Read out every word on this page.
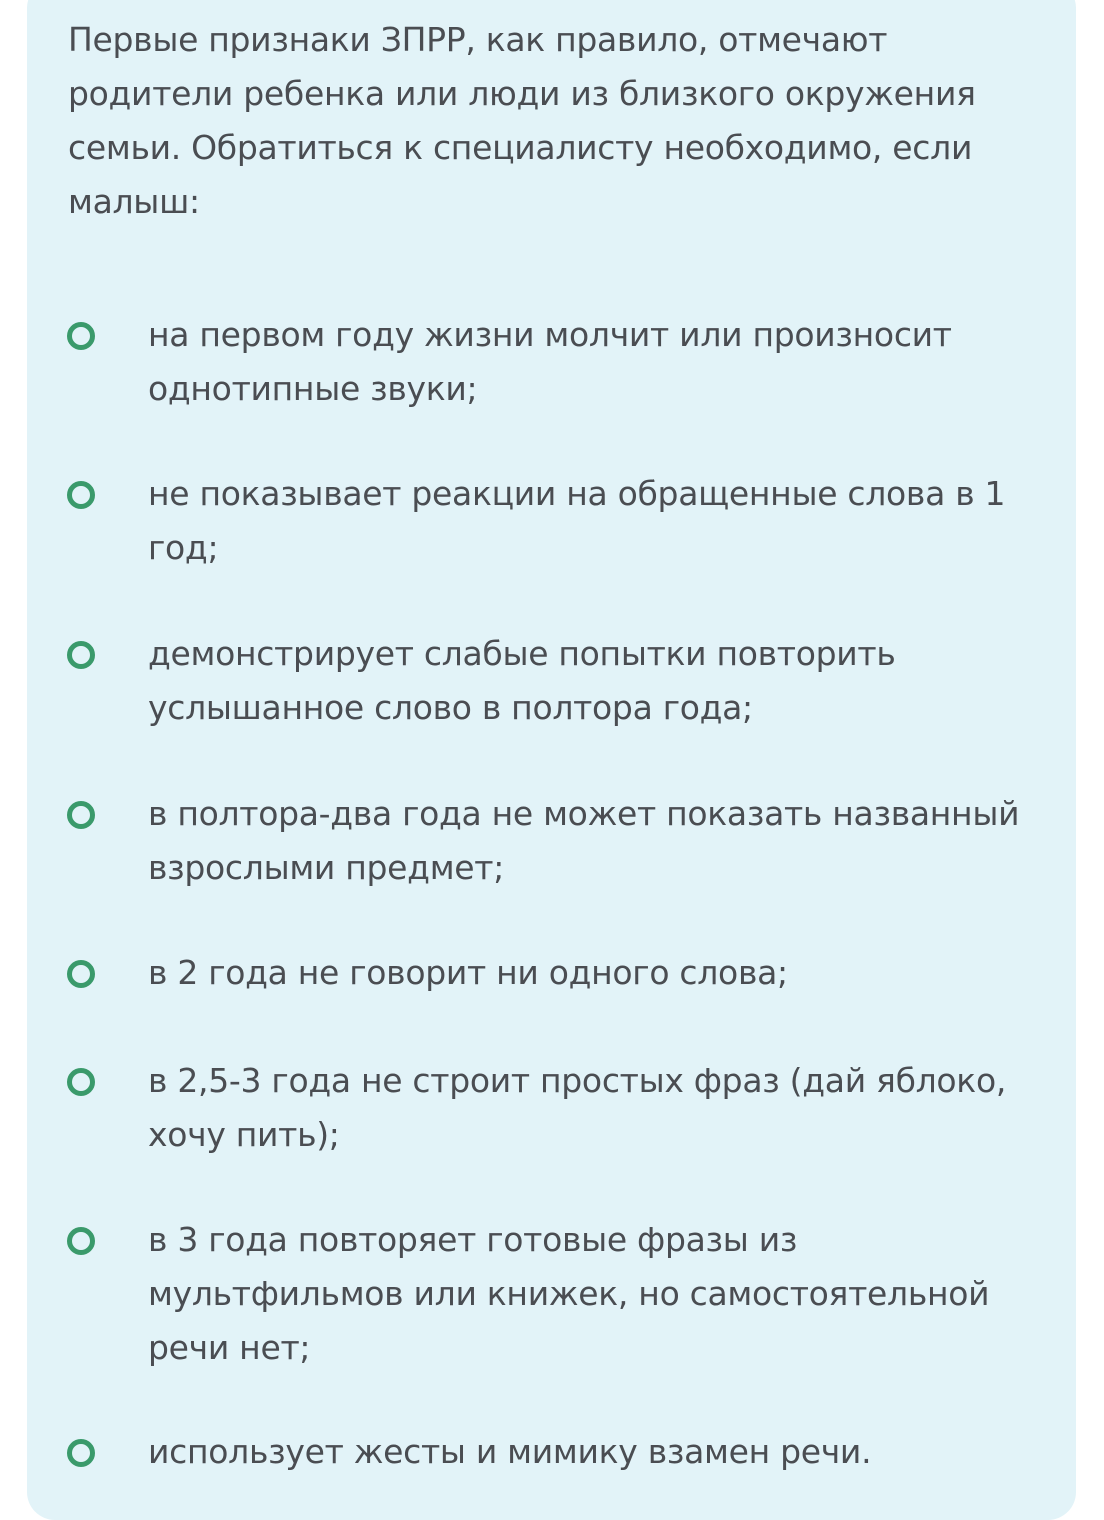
Первые признаки ЗПРР, как правило, отмечают родители ребенка или люди из близкого окружения семьи. Обратиться к специалисту необходимо, если малыш:

на первом году жизни молчит или произносит однотипные звуки;

не показывает реакции на обращенные слова в 1 год;

демонстрирует слабые попытки повторить услышанное слово в полтора года;

в полтора-два года не может показать названный взрослыми предмет;

в 2 года не говорит ни одного слова;

в 2,5-3 года не строит простых фраз (дай яблоко, хочу пить);

в 3 года повторяет готовые фразы из мультфильмов или книжек, но самостоятельной речи нет;

использует жесты и мимику взамен речи.
